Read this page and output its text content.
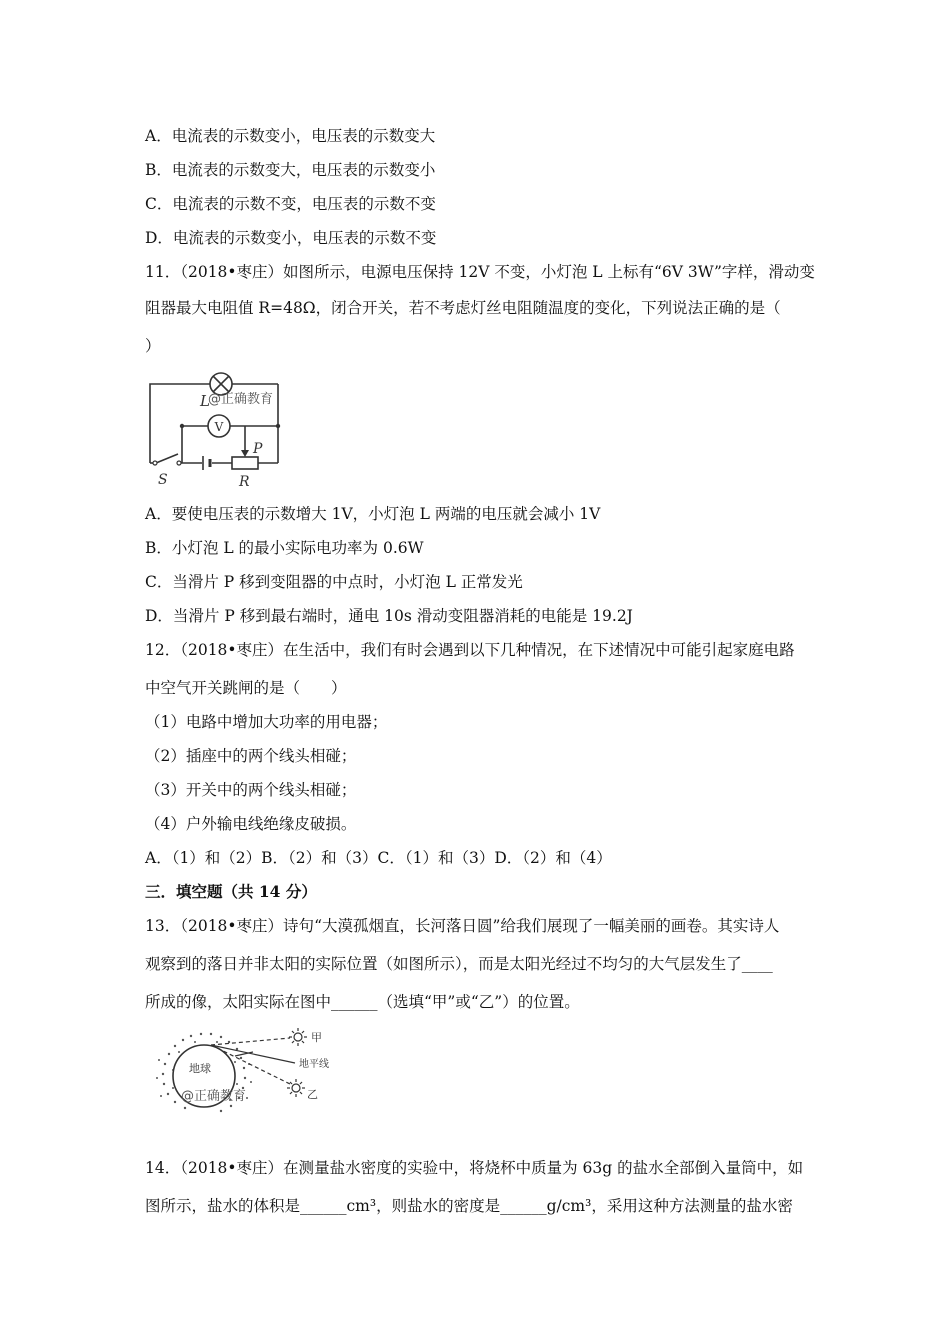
A．电流表的示数变小，电压表的示数变大
B．电流表的示数变大，电压表的示数变小
C．电流表的示数不变，电压表的示数不变
D．电流表的示数变小，电压表的示数不变
11．（2018•枣庄）如图所示，电源电压保持 12V 不变，小灯泡 L 上标有“6V 3W”字样，滑动变
阻器最大电阻值 R=48Ω，闭合开关，若不考虑灯丝电阻随温度的变化，下列说法正确的是（
）
V
L
@正确教育
P
R
S
A．要使电压表的示数增大 1V，小灯泡 L 两端的电压就会减小 1V
B．小灯泡 L 的最小实际电功率为 0.6W
C．当滑片 P 移到变阻器的中点时，小灯泡 L 正常发光
D．当滑片 P 移到最右端时，通电 10s 滑动变阻器消耗的电能是 19.2J
12．（2018•枣庄）在生活中，我们有时会遇到以下几种情况，在下述情况中可能引起家庭电路
中空气开关跳闸的是（　　）
（1）电路中增加大功率的用电器；
（2）插座中的两个线头相碰；
（3）开关中的两个线头相碰；
（4）户外输电线绝缘皮破损。
A．（1）和（2）B．（2）和（3）C．（1）和（3）D．（2）和（4）
三．填空题（共 14 分）
13．（2018•枣庄）诗句“大漠孤烟直，长河落日圆”给我们展现了一幅美丽的画卷。其实诗人
观察到的落日并非太阳的实际位置（如图所示），而是太阳光经过不均匀的大气层发生了____
所成的像，太阳实际在图中______（选填“甲”或“乙”）的位置。
地球
@正确教育
甲
乙
地平线
14．（2018•枣庄）在测量盐水密度的实验中，将烧杯中质量为 63g 的盐水全部倒入量筒中，如
图所示，盐水的体积是______cm³，则盐水的密度是______g/cm³，采用这种方法测量的盐水密
